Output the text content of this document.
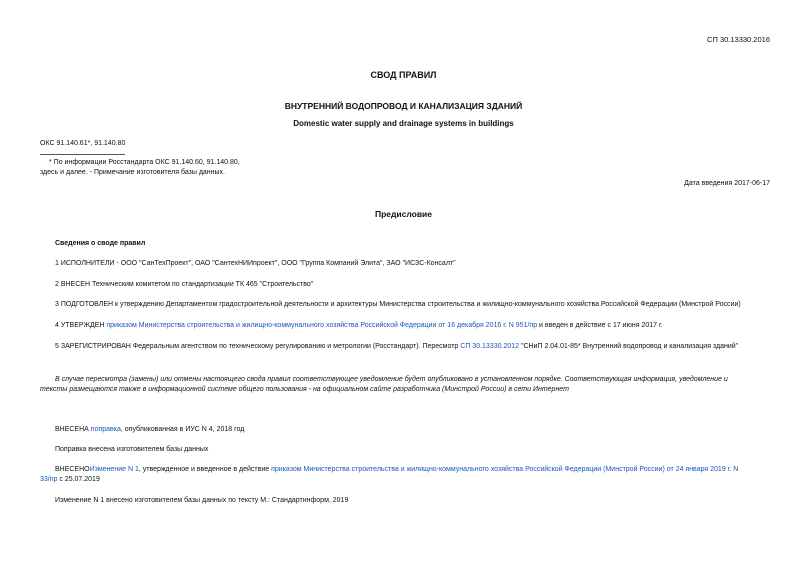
СП 30.13330.2016
СВОД ПРАВИЛ
ВНУТРЕННИЙ ВОДОПРОВОД И КАНАЛИЗАЦИЯ ЗДАНИЙ
Domestic water supply and drainage systems in buildings
ОКС 91.140.61*, 91.140.80
* По информации Росстандарта ОКС 91.140.60, 91.140.80,
здесь и далее. - Примечание изготовителя базы данных.
Дата введения 2017-06-17
Предисловие
Сведения о своде правил
1 ИСПОЛНИТЕЛИ - ООО "СанТехПроект", ОАО "СантехНИИпроект", ООО "Группа Компаний Элита", ЗАО "ИСЗС-Консалт"
2 ВНЕСЕН Техническим комитетом по стандартизации ТК 465 "Строительство"
3 ПОДГОТОВЛЕН к утверждению Департаментом градостроительной деятельности и архитектуры Министерства строительства и жилищно-коммунального хозяйства Российской Федерации (Минстрой России)
4 УТВЕРЖДЕН приказом Министерства строительства и жилищно-коммунального хозяйства Российской Федерации от 16 декабря 2016 г. N 951/пр и введен в действие с 17 июня 2017 г.
5 ЗАРЕГИСТРИРОВАН Федеральным агентством по техническому регулированию и метрологии (Росстандарт). Пересмотр СП 30.13330.2012 "СНиП 2.04.01-85* Внутренний водопровод и канализация зданий"
В случае пересмотра (замены) или отмены настоящего свода правил соответствующее уведомление будет опубликовано в установленном порядке. Соответствующая информация, уведомление и
тексты размещаются также в информационной системе общего пользования - на официальном сайте разработчика (Минстрой России) в сети Интернет
ВНЕСЕНА поправка, опубликованная в ИУС N 4, 2018 год
Поправка внесена изготовителем базы данных
ВНЕСЕНОИзменение N 1, утвержденное и введенное в действие приказом Министерства строительства и жилищно-коммунального хозяйства Российской Федерации (Минстрой России) от 24 января 2019 г. N
33/пр с 25.07.2019
Изменение N 1 внесено изготовителем базы данных по тексту М.: Стандартинформ, 2019
